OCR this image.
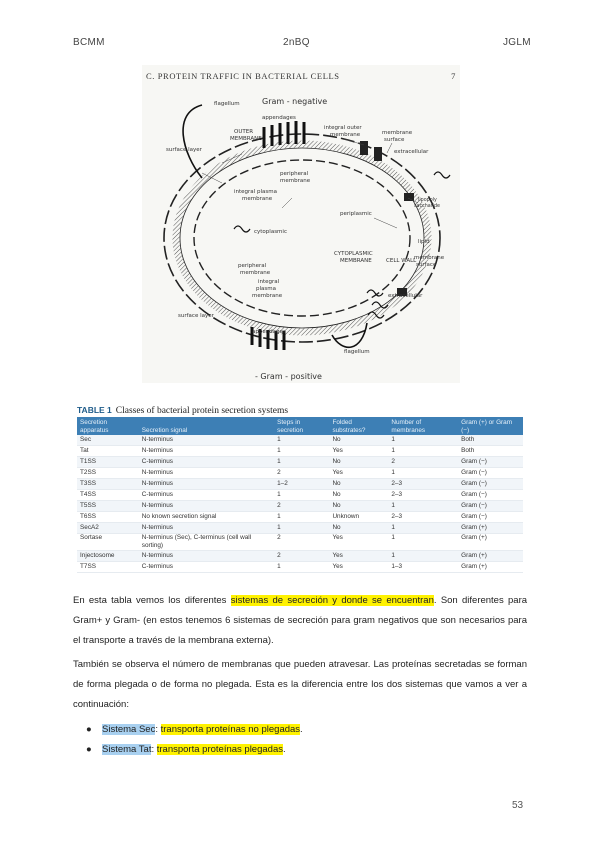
BCMM	2nBQ	JGLM
C. PROTEIN TRAFFIC IN BACTERIAL CELLS	7
Gram - negative
flagellum
appendages
surface layer
OUTER
MEMBRANE
integral outer
membrane	membrane
surface
extracellular
peripheral
membrane
integral plasma
membrane
periplasmic
lipopoly
saccharide
cytoplasmic
lipid
CYTOPLASMIC
MEMBRANE	CELL WALL
peripheral
membrane
membrane
surface
integral
plasma
membrane	extracellular
surface layer
appendages
flagellum
- Gram - positive
TABLE 1 Classes of bacterial protein secretion systems
Secretion apparatus	Secretion signal	Steps in secretion	Folded substrates?	Number of membranes	Gram (+) or Gram (−)
Sec	N-terminus	1	No	1	Both
Tat	N-terminus	1	Yes	1	Both
T1SS	C-terminus	1	No	2	Gram (−)
T2SS	N-terminus	2	Yes	1	Gram (−)
T3SS	N-terminus	1–2	No	2–3	Gram (−)
T4SS	C-terminus	1	No	2–3	Gram (−)
T5SS	N-terminus	2	No	1	Gram (−)
T6SS	No known secretion signal	1	Unknown	2–3	Gram (−)
SecA2	N-terminus	1	No	1	Gram (+)
Sortase	N-terminus (Sec), C-terminus (cell wall sorting)	2	Yes	1	Gram (+)
Injectosome	N-terminus	2	Yes	1	Gram (+)
T7SS	C-terminus	1	Yes	1–3	Gram (+)
En esta tabla vemos los diferentes sistemas de secreción y donde se encuentran. Son diferentes para Gram+ y Gram- (en estos tenemos 6 sistemas de secreción para gram negativos que son necesarios para el transporte a través de la membrana externa).
También se observa el número de membranas que pueden atravesar. Las proteínas secretadas se forman de forma plegada o de forma no plegada. Esta es la diferencia entre los dos sistemas que vamos a ver a continuación:
● Sistema Sec: transporta proteínas no plegadas.
● Sistema Tat: transporta proteínas plegadas.
53
